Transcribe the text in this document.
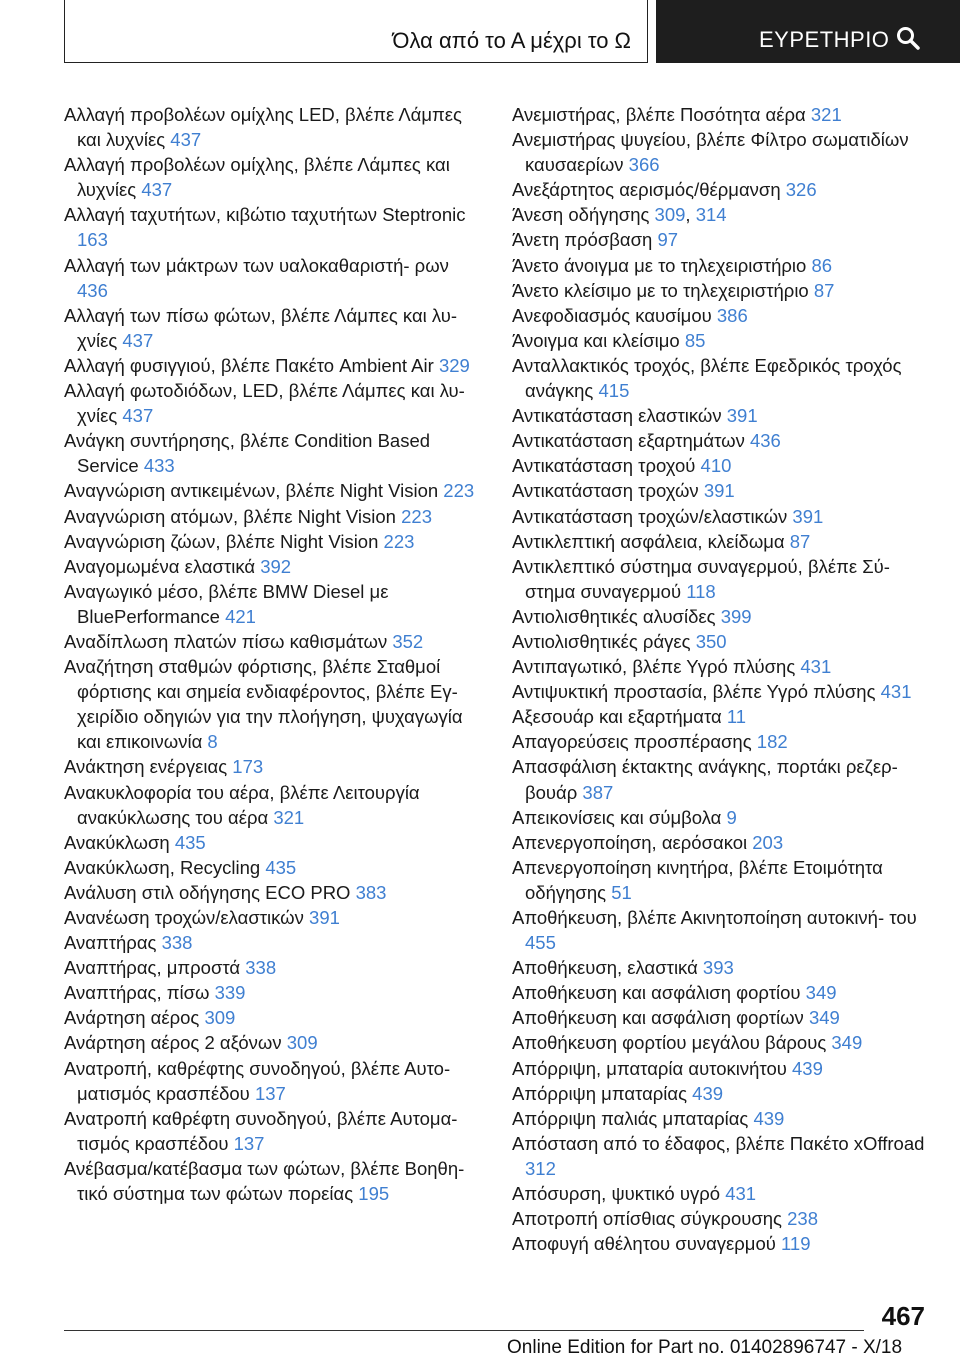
Όλα από το Α μέχρι το Ω	ΕΥΡΕΤΗΡΙΟ

Αλλαγή προβολέων ομίχλης LED, βλέπε Λάμπες και λυχνίες 437

Αλλαγή προβολέων ομίχλης, βλέπε Λάμπες και λυχνίες 437

Αλλαγή ταχυτήτων, κιβώτιο ταχυτήτων Steptronic 163

Αλλαγή των μάκτρων των υαλοκαθαριστή‐ ρων 436

Αλλαγή των πίσω φώτων, βλέπε Λάμπες και λυ‐ χνίες 437

Αλλαγή φυσιγγιού, βλέπε Πακέτο Ambient Air 329

Αλλαγή φωτοδιόδων, LED, βλέπε Λάμπες και λυ‐ χνίες 437

Ανάγκη συντήρησης, βλέπε Condition Based Service 433

Αναγνώριση αντικειμένων, βλέπε Night Vision 223

Αναγνώριση ατόμων, βλέπε Night Vision 223

Αναγνώριση ζώων, βλέπε Night Vision 223

Αναγομωμένα ελαστικά 392

Αναγωγικό μέσο, βλέπε BMW Diesel με BluePerformance 421

Αναδίπλωση πλατών πίσω καθισμάτων 352

Αναζήτηση σταθμών φόρτισης, βλέπε Σταθμοί φόρτισης και σημεία ενδιαφέροντος, βλέπε Εγ‐ χειρίδιο οδηγιών για την πλοήγηση, ψυχαγωγία και επικοινωνία 8

Ανάκτηση ενέργειας 173

Ανακυκλοφορία του αέρα, βλέπε Λειτουργία ανακύκλωσης του αέρα 321

Ανακύκλωση 435

Ανακύκλωση, Recycling 435

Ανάλυση στιλ οδήγησης ECO PRO 383

Ανανέωση τροχών/ελαστικών 391

Αναπτήρας 338

Αναπτήρας, μπροστά 338

Αναπτήρας, πίσω 339

Ανάρτηση αέρος 309

Ανάρτηση αέρος 2 αξόνων 309

Ανατροπή, καθρέφτης συνοδηγού, βλέπε Αυτο‐ ματισμός κρασπέδου 137

Ανατροπή καθρέφτη συνοδηγού, βλέπε Αυτομα‐ τισμός κρασπέδου 137

Ανέβασμα/κατέβασμα των φώτων, βλέπε Βοηθη‐ τικό σύστημα των φώτων πορείας 195

Ανεμιστήρας, βλέπε Ποσότητα αέρα 321

Ανεμιστήρας ψυγείου, βλέπε Φίλτρο σωματιδίων καυσαερίων 366

Ανεξάρτητος αερισμός/θέρμανση 326

Άνεση οδήγησης 309, 314

Άνετη πρόσβαση 97

Άνετο άνοιγμα με το τηλεχειριστήριο 86

Άνετο κλείσιμο με το τηλεχειριστήριο 87

Ανεφοδιασμός καυσίμου 386

Άνοιγμα και κλείσιμο 85

Ανταλλακτικός τροχός, βλέπε Εφεδρικός τροχός ανάγκης 415

Αντικατάσταση ελαστικών 391

Αντικατάσταση εξαρτημάτων 436

Αντικατάσταση τροχού 410

Αντικατάσταση τροχών 391

Αντικατάσταση τροχών/ελαστικών 391

Αντικλεπτική ασφάλεια, κλείδωμα 87

Αντικλεπτικό σύστημα συναγερμού, βλέπε Σύ‐ στημα συναγερμού 118

Αντιολισθητικές αλυσίδες 399

Αντιολισθητικές ράγες 350

Αντιπαγωτικό, βλέπε Υγρό πλύσης 431

Αντιψυκτική προστασία, βλέπε Υγρό πλύσης 431

Αξεσουάρ και εξαρτήματα 11

Απαγορεύσεις προσπέρασης 182

Απασφάλιση έκτακτης ανάγκης, πορτάκι ρεζερ‐ βουάρ 387

Απεικονίσεις και σύμβολα 9

Απενεργοποίηση, αερόσακοι 203

Απενεργοποίηση κινητήρα, βλέπε Ετοιμότητα οδήγησης 51

Αποθήκευση, βλέπε Ακινητοποίηση αυτοκινή‐ του 455

Αποθήκευση, ελαστικά 393

Αποθήκευση και ασφάλιση φορτίου 349

Αποθήκευση και ασφάλιση φορτίων 349

Αποθήκευση φορτίου μεγάλου βάρους 349

Απόρριψη, μπαταρία αυτοκινήτου 439

Απόρριψη μπαταρίας 439

Απόρριψη παλιάς μπαταρίας 439

Απόσταση από το έδαφος, βλέπε Πακέτο xOffroad 312

Απόσυρση, ψυκτικό υγρό 431

Αποτροπή οπίσθιας σύγκρουσης 238

Αποφυγή αθέλητου συναγερμού 119

467
Online Edition for Part no. 01402896747 - X/18
